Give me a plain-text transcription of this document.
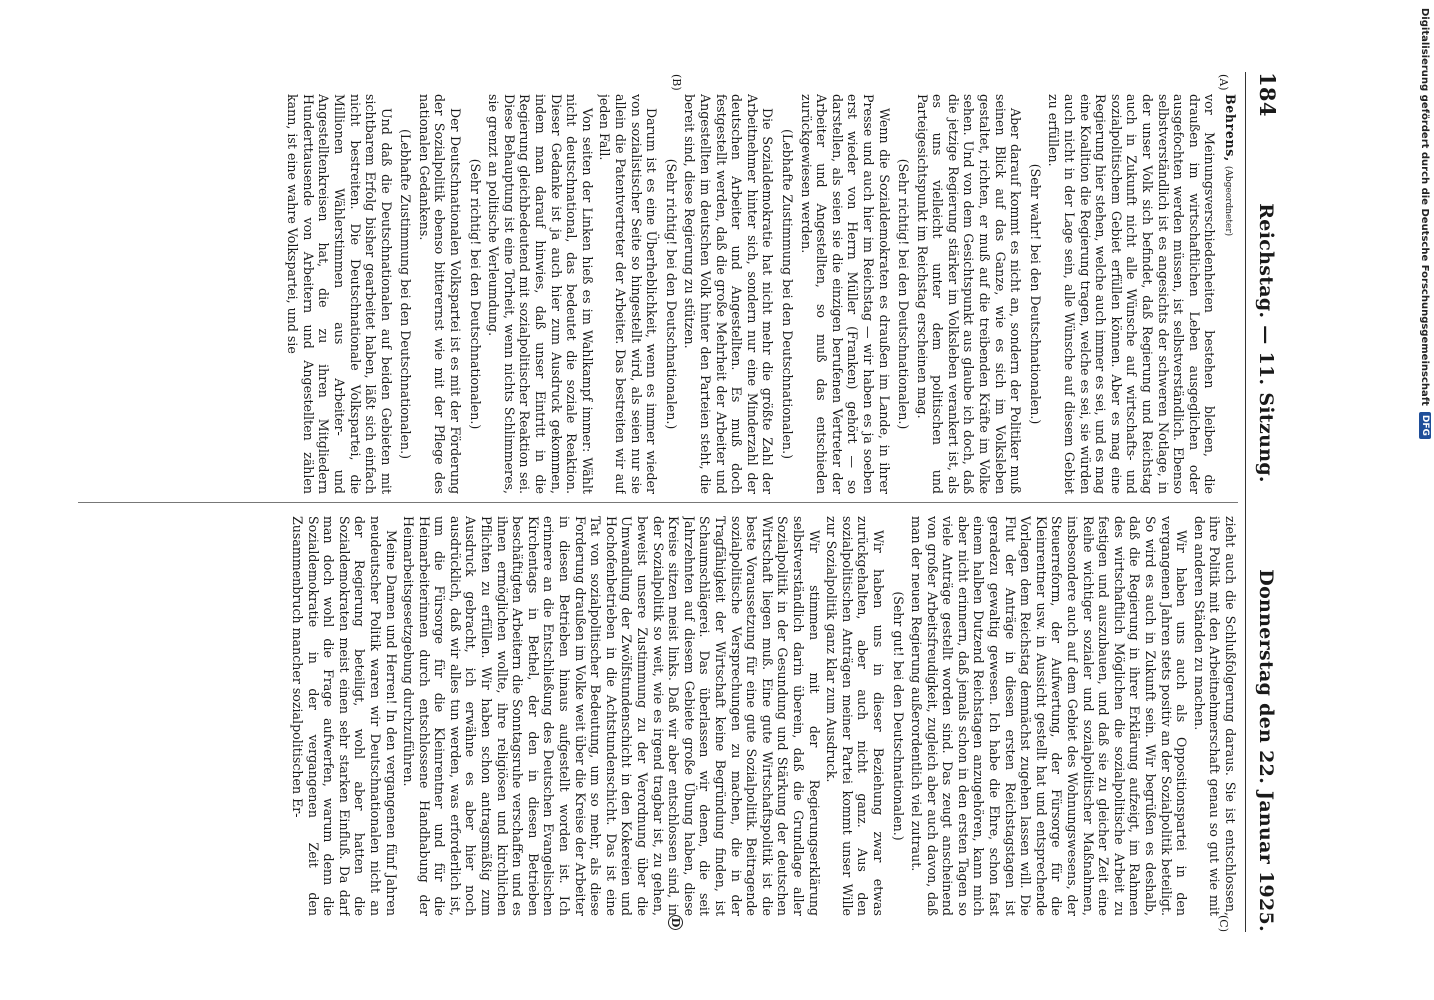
184
Reichstag. — 11. Sitzung.
Donnerstag den 22. Januar 1925.
(A)
(B)
(C)
D

Behrens, (Abgeordneter)

vor Meinungsverschiedenheiten bestehen bleiben, die draußen im wirtschaftlichen Leben ausgeglichen oder ausgefochten werden müssen, ist selbstverständlich. Ebenso selbstverständlich ist es angesichts der schweren Notlage, in der unser Volk sich befindet, daß Regierung und Reichstag auch in Zukunft nicht alle Wünsche auf wirtschafts- und sozialpolitischem Gebiet erfüllen können. Aber es mag eine Regierung hier stehen, welche auch immer es sei, und es mag eine Koalition die Regierung tragen, welche es sei, sie würden auch nicht in der Lage sein, alle Wünsche auf diesem Gebiet zu erfüllen.

(Sehr wahr! bei den Deutschnationalen.)

Aber darauf kommt es nicht an, sondern der Politiker muß seinen Blick auf das Ganze, wie es sich im Volksleben gestaltet, richten, er muß auf die treibenden Kräfte im Volke sehen. Und von dem Gesichtspunkt aus glaube ich doch, daß die jetzige Regierung stärker im Volksleben verankert ist, als es uns vielleicht unter dem politischen und Parteigesichtspunkt im Reichstag erscheinen mag.

(Sehr richtig! bei den Deutschnationalen.)

Wenn die Sozialdemokraten es draußen im Lande, in ihrer Presse und auch hier im Reichstag — wir haben es ja soeben erst wieder von Herrn Müller (Franken) gehört — so darstellen, als seien sie die einzigen berufenen Vertreter der Arbeiter und Angestellten, so muß das entschieden zurückgewiesen werden.

(Lebhafte Zustimmung bei den Deutschnationalen.)

Die Sozialdemokratie hat nicht mehr die größte Zahl der Arbeitnehmer hinter sich, sondern nur eine Minderzahl der deutschen Arbeiter und Angestellten. Es muß doch festgestellt werden, daß die große Mehrheit der Arbeiter und Angestellten im deutschen Volk hinter den Parteien steht, die bereit sind, diese Regierung zu stützen.

(Sehr richtig! bei den Deutschnationalen.)

Darum ist es eine Überheblichkeit, wenn es immer wieder von sozialistischer Seite so hingestellt wird, als seien nur sie allein die Patentvertreter der Arbeiter. Das bestreiten wir auf jeden Fall.

Von seiten der Linken hieß es im Wahlkampf immer: Wählt nicht deutschnational, das bedeutet die soziale Reaktion. Dieser Gedanke ist ja auch hier zum Ausdruck gekommen, indem man darauf hinwies, daß unser Eintritt in die Regierung gleichbedeutend mit sozialpolitischer Reaktion sei. Diese Behauptung ist eine Torheit, wenn nichts Schlimmeres, sie grenzt an politische Verleumdung.

(Sehr richtig! bei den Deutschnationalen.)

Der Deutschnationalen Volkspartei ist es mit der Förderung der Sozialpolitik ebenso bitterernst wie mit der Pflege des nationalen Gedankens.

(Lebhafte Zustimmung bei den Deutschnationalen.)

Und daß die Deutschnationalen auf beiden Gebieten mit sichtbarem Erfolg bisher gearbeitet haben, läßt sich einfach nicht bestreiten. Die Deutschnationale Volkspartei, die Millionen Wählerstimmen aus Arbeiter- und Angestelltenkreisen hat, die zu ihren Mitgliedern Hunderttausende von Arbeitern und Angestellten zählen kann, ist eine wahre Volkspartei, und sie

zieht auch die Schlußfolgerung daraus. Sie ist entschlossen, ihre Politik mit den Arbeitnehmerschaft genau so gut wie mit den anderen Ständen zu machen.

Wir haben uns auch als Oppositionspartei in den vergangenen Jahren stets positiv an der Sozialpolitik beteiligt. So wird es auch in Zukunft sein. Wir begrüßen es deshalb, daß die Regierung in ihrer Erklärung aufzeigt, im Rahmen des wirtschaftlich Möglichen die sozialpolitische Arbeit zu festigen und auszubauen, und daß sie zu gleicher Zeit eine Reihe wichtiger sozialer und sozialpolitischer Maßnahmen, insbesondere auch auf dem Gebiet des Wohnungswesens, der Steuerreform, der Aufwertung, der Fürsorge für die Kleinrentner usw. in Aussicht gestellt hat und entsprechende Vorlagen dem Reichstag demnächst zugehen lassen will. Die Flut der Anträge in diesen ersten Reichstagstagen ist geradezu gewaltig gewesen. Ich habe die Ehre, schon fast einem halben Dutzend Reichstagen anzugehören, kann mich aber nicht erinnern, daß jemals schon in den ersten Tagen so viele Anträge gestellt worden sind. Das zeugt anscheinend von großer Arbeitsfreudigkeit, zugleich aber auch davon, daß man der neuen Regierung außerordentlich viel zutraut.

(Sehr gut! bei den Deutschnationalen.)

Wir haben uns in dieser Beziehung zwar etwas zurückgehalten, aber auch nicht ganz. Aus den sozialpolitischen Anträgen meiner Partei kommt unser Wille zur Sozialpolitik ganz klar zum Ausdruck.

Wir stimmen mit der Regierungserklärung selbstverständlich darin überein, daß die Grundlage aller Sozialpolitik in der Gesundung und Stärkung der deutschen Wirtschaft liegen muß. Eine gute Wirtschaftspolitik ist die beste Voraussetzung für eine gute Sozialpolitik. Beitragende sozialpolitische Versprechungen zu machen, die in der Tragfähigkeit der Wirtschaft keine Begründung finden, ist Schaumschlägerei. Das überlassen wir denen, die seit Jahrzehnten auf diesem Gebiete große Übung haben, diese Kreise sitzen meist links. Daß wir aber entschlossen sind, in der Sozialpolitik so weit, wie es irgend tragbar ist, zu gehen, beweist unsere Zustimmung zu der Verordnung über die Umwandlung der Zwölfstundenschicht in den Kokereien und Hochofenbetrieben in die Achtstundenschicht. Das ist eine Tat von sozialpolitischer Bedeutung, um so mehr, als diese Forderung draußen im Volke weit über die Kreise der Arbeiter in diesen Betrieben hinaus aufgestellt worden ist. Ich erinnere an die Entschließung des Deutschen Evangelischen Kirchentags in Bethel, der den in diesen Betrieben beschäftigten Arbeitern die Sonntagsruhe verschaffen und es ihnen ermöglichen wollte, ihre religiösen und kirchlichen Pflichten zu erfüllen. Wir haben schon antragsmäßig zum Ausdruck gebracht, ich erwähne es aber hier noch ausdrücklich, daß wir alles tun werden, was erforderlich ist, um die Fürsorge für die Kleinrentner und für die Heimarbeiterinnen durch entschlossene Handhabung der Heimarbeitsgesetzgebung durchzuführen.

Meine Damen und Herren! In den vergangenen fünf Jahren neudeutscher Politik waren wir Deutschnationalen nicht an der Regierung beteiligt, wohl aber hatten die Sozialdemokraten meist einen sehr starken Einfluß. Da darf man doch wohl die Frage aufwerfen, warum denn die Sozialdemokratie in der vergangenen Zeit den Zusammenbruch mancher sozialpolitischen Er-

Digitalisierung gefördert durch die Deutsche Forschungsgemeinschaft
DFG
